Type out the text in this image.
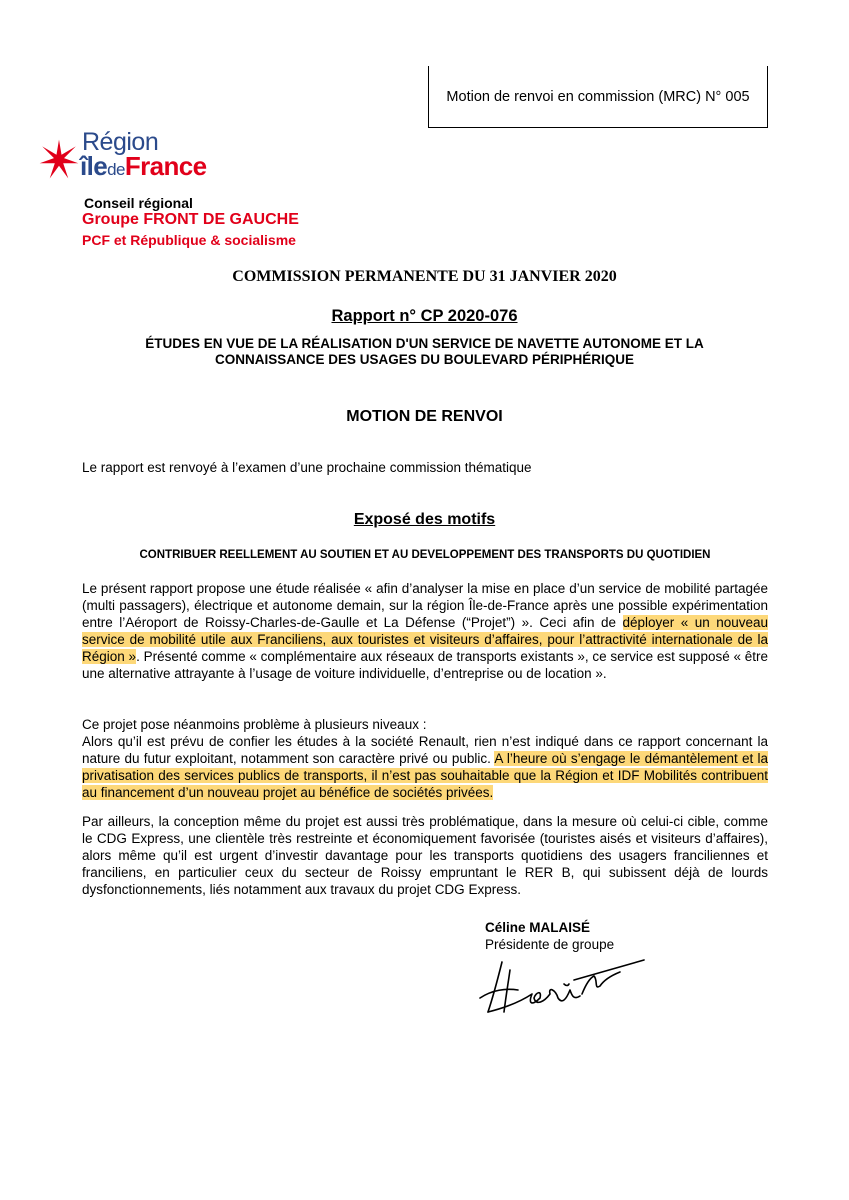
Motion de renvoi en commission (MRC) N° 005
Région
îledeFrance
Conseil régional
Groupe FRONT DE GAUCHE
PCF et République & socialisme
COMMISSION PERMANENTE DU 31 JANVIER 2020
Rapport n° CP 2020-076
ÉTUDES EN VUE DE LA RÉALISATION D'UN SERVICE DE NAVETTE AUTONOME ET LA CONNAISSANCE DES USAGES DU BOULEVARD PÉRIPHÉRIQUE
MOTION DE RENVOI
Le rapport est renvoyé à l’examen d’une prochaine commission thématique
Exposé des motifs
CONTRIBUER REELLEMENT AU SOUTIEN ET AU DEVELOPPEMENT DES TRANSPORTS DU QUOTIDIEN
Le présent rapport propose une étude réalisée « afin d’analyser la mise en place d’un service de mobilité partagée (multi passagers), électrique et autonome demain, sur la région Île-de-France après une possible expérimentation entre l’Aéroport de Roissy-Charles-de-Gaulle et La Défense (“Projet”) ». Ceci afin de déployer « un nouveau service de mobilité utile aux Franciliens, aux touristes et visiteurs d’affaires, pour l’attractivité internationale de la Région ». Présenté comme « complémentaire aux réseaux de transports existants », ce service est supposé « être une alternative attrayante à l’usage de voiture individuelle, d’entreprise ou de location ».
Ce projet pose néanmoins problème à plusieurs niveaux :
Alors qu’il est prévu de confier les études à la société Renault, rien n’est indiqué dans ce rapport concernant la nature du futur exploitant, notamment son caractère privé ou public. A l’heure où s’engage le démantèlement et la privatisation des services publics de transports, il n’est pas souhaitable que la Région et IDF Mobilités contribuent au financement d’un nouveau projet au bénéfice de sociétés privées.
Par ailleurs, la conception même du projet est aussi très problématique, dans la mesure où celui-ci cible, comme le CDG Express, une clientèle très restreinte et économiquement favorisée (touristes aisés et visiteurs d’affaires), alors même qu’il est urgent d’investir davantage pour les transports quotidiens des usagers franciliennes et franciliens, en particulier ceux du secteur de Roissy empruntant le RER B, qui subissent déjà de lourds dysfonctionnements, liés notamment aux travaux du projet CDG Express.
Céline MALAISÉ
Présidente de groupe
